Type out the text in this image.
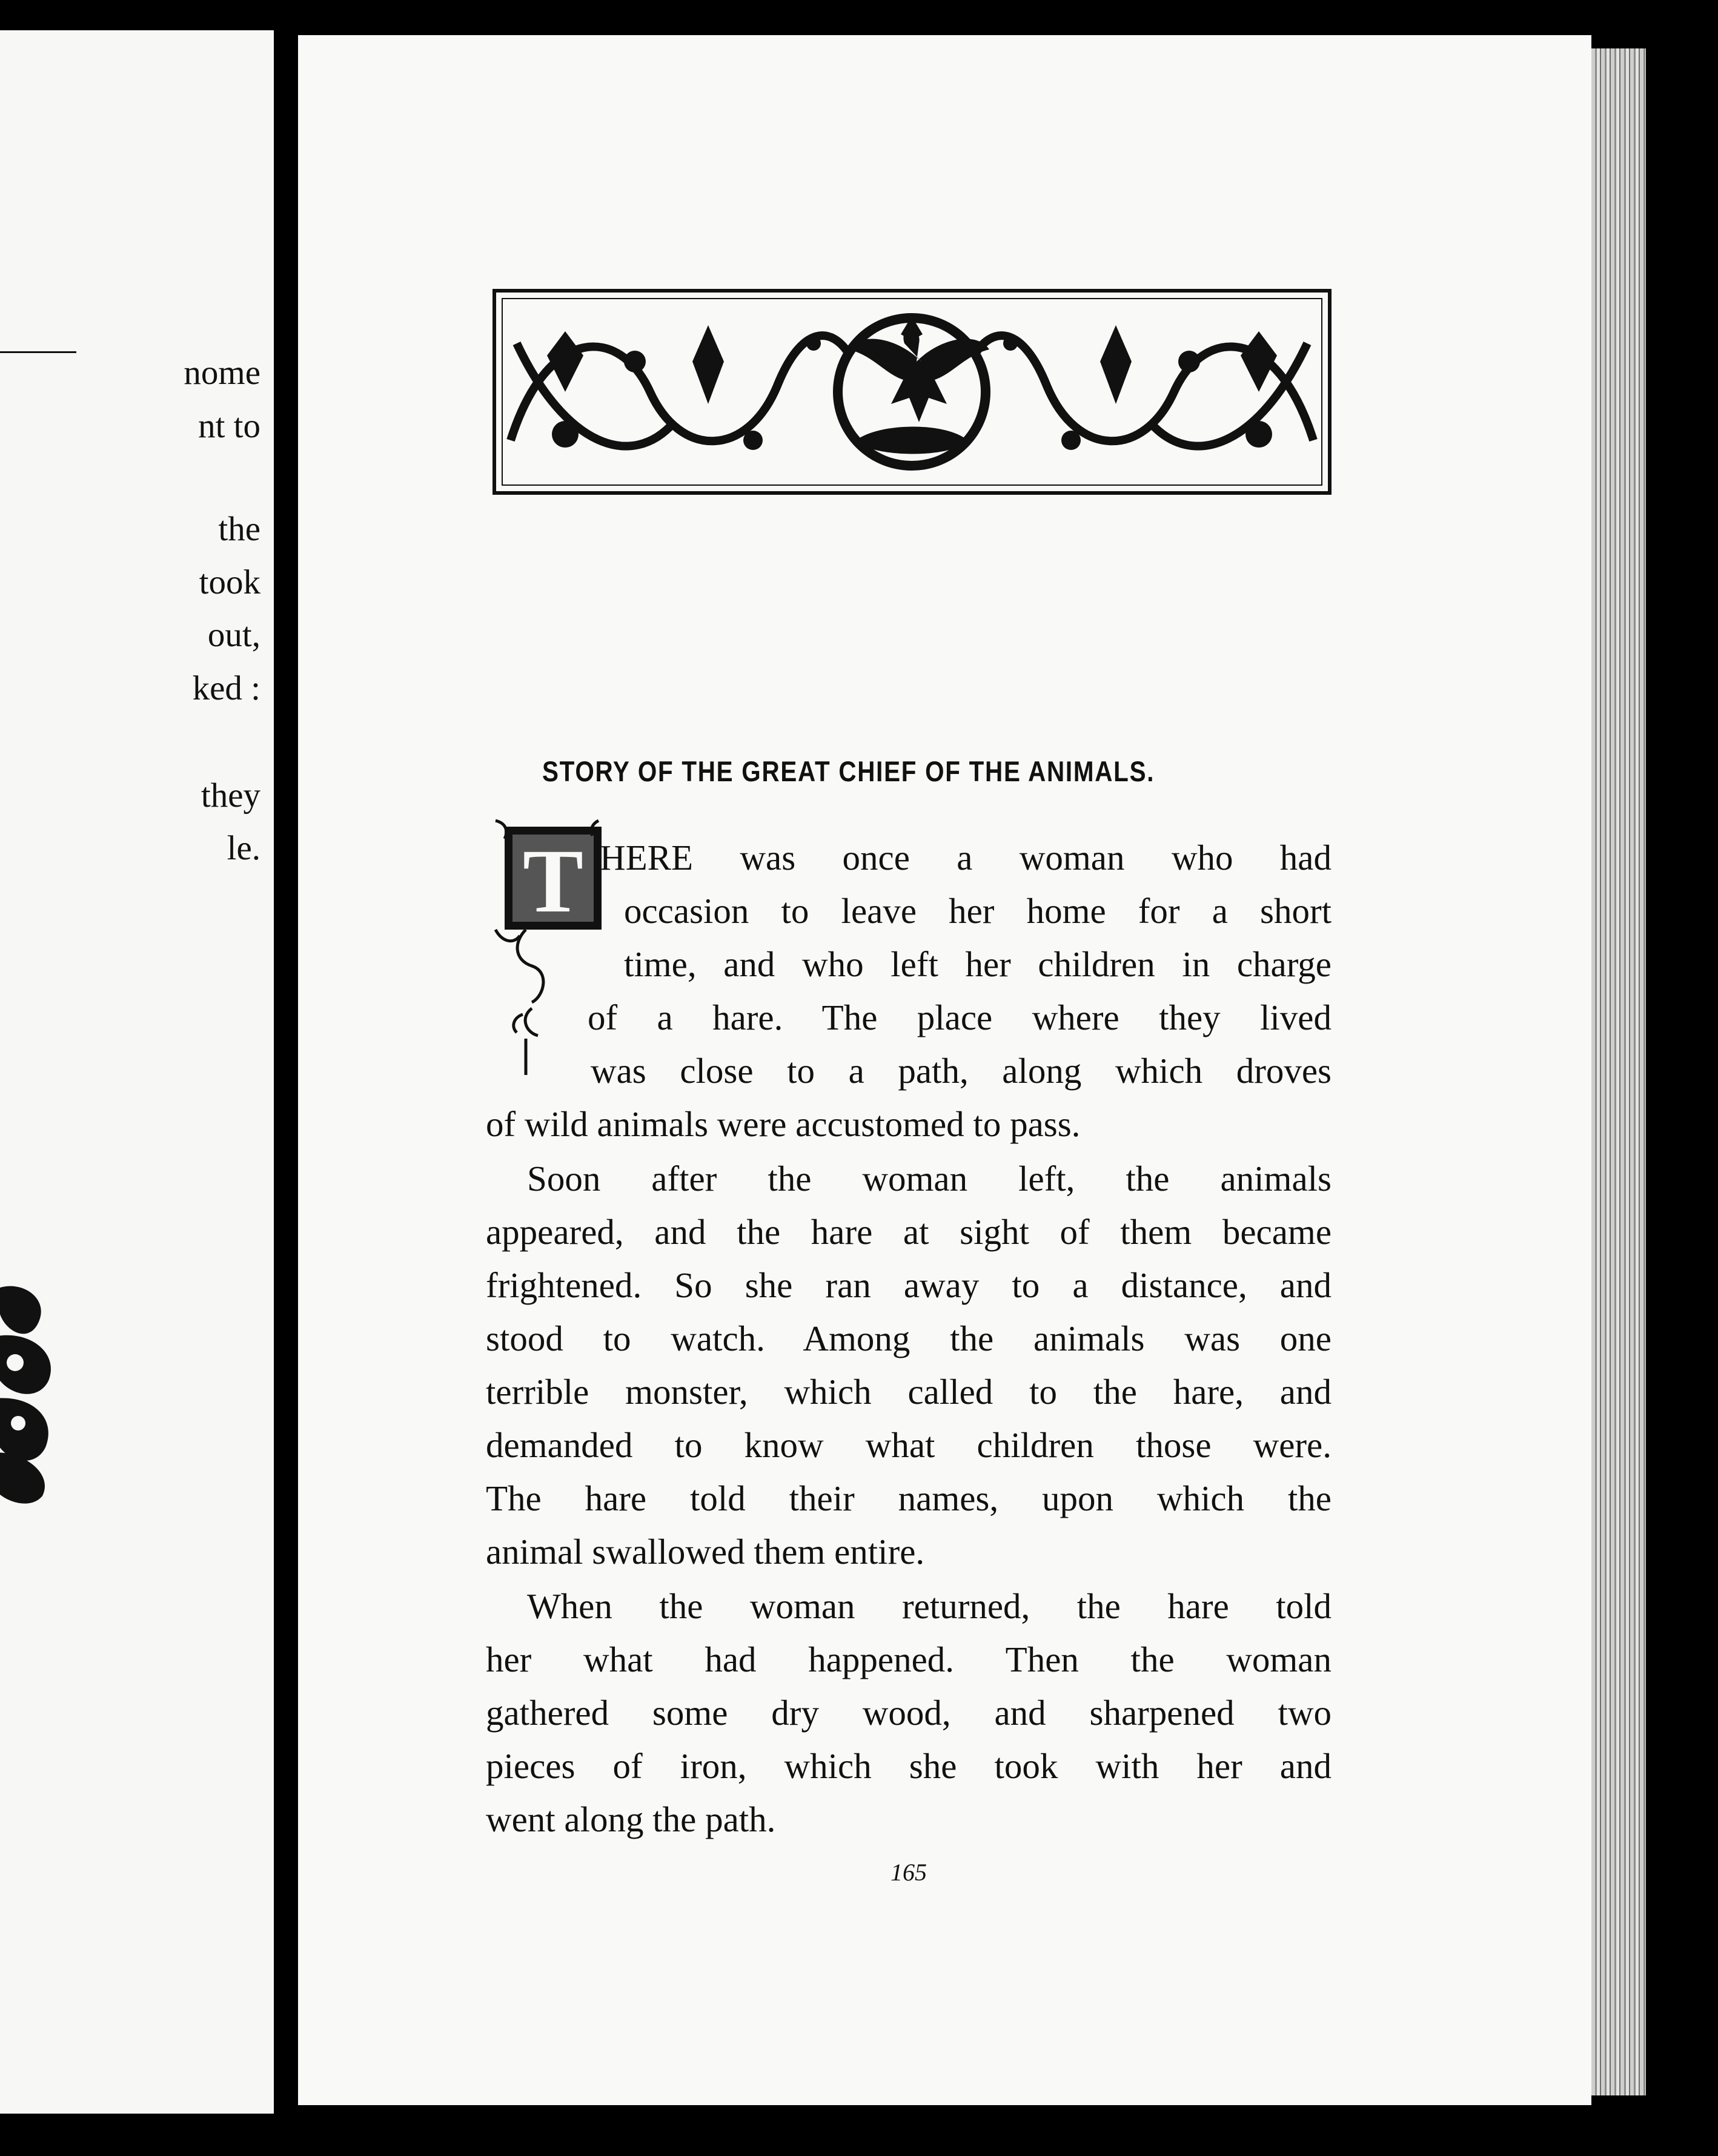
nome
nt to
the
took
out,
ked :
they
le.
STORY OF THE GREAT CHIEF OF THE ANIMALS.
T HERE was once a woman who had
occasion to leave her home for a short
time, and who left her children in charge
of a hare. The place where they lived
was close to a path, along which droves
of wild animals were accustomed to pass.
Soon after the woman left, the animals
appeared, and the hare at sight of them became
frightened. So she ran away to a distance, and
stood to watch. Among the animals was one
terrible monster, which called to the hare, and
demanded to know what children those were.
The hare told their names, upon which the
animal swallowed them entire.
When the woman returned, the hare told
her what had happened. Then the woman
gathered some dry wood, and sharpened two
pieces of iron, which she took with her and
went along the path.
165
